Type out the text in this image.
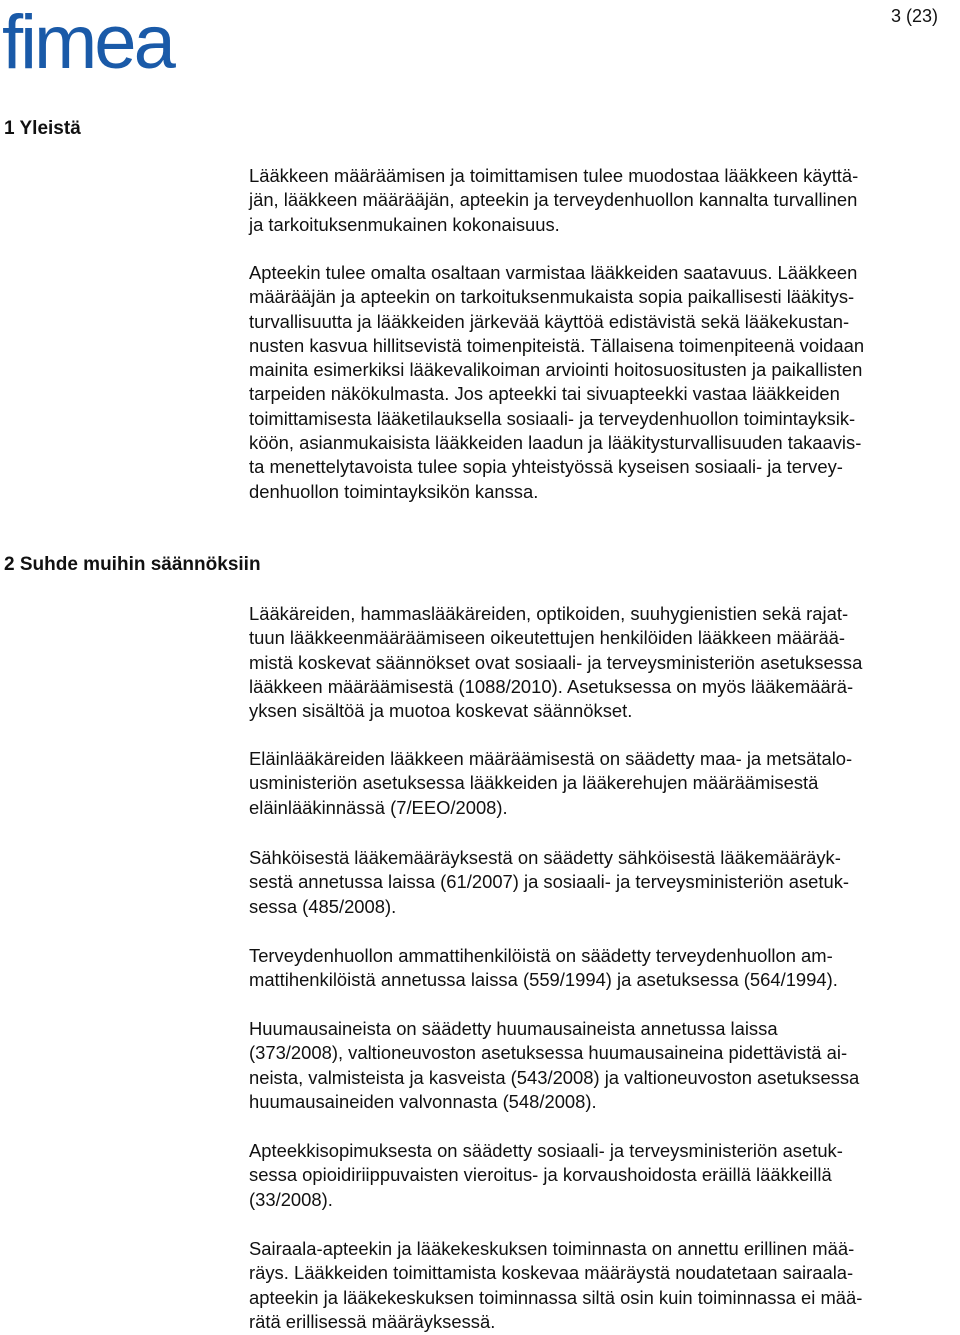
fimea	3 (23)
1 Yleistä

Lääkkeen määräämisen ja toimittamisen tulee muodostaa lääkkeen käyttä-
jän, lääkkeen määrääjän, apteekin ja terveydenhuollon kannalta turvallinen
ja tarkoituksenmukainen kokonaisuus.

Apteekin tulee omalta osaltaan varmistaa lääkkeiden saatavuus. Lääkkeen
määrääjän ja apteekin on tarkoituksenmukaista sopia paikallisesti lääkitys-
turvallisuutta ja lääkkeiden järkevää käyttöä edistävistä sekä lääkekustan-
nusten kasvua hillitsevistä toimenpiteistä. Tällaisena toimenpiteenä voidaan
mainita esimerkiksi lääkevalikoiman arviointi hoitosuositusten ja paikallisten
tarpeiden näkökulmasta. Jos apteekki tai sivuapteekki vastaa lääkkeiden
toimittamisesta lääketilauksella sosiaali- ja terveydenhuollon toimintayksik-
köön, asianmukaisista lääkkeiden laadun ja lääkitysturvallisuuden takaavis-
ta menettelytavoista tulee sopia yhteistyössä kyseisen sosiaali- ja tervey-
denhuollon toimintayksikön kanssa.

2 Suhde muihin säännöksiin

Lääkäreiden, hammaslääkäreiden, optikoiden, suuhygienistien sekä rajat-
tuun lääkkeenmääräämiseen oikeutettujen henkilöiden lääkkeen määrää-
mistä koskevat säännökset ovat sosiaali- ja terveysministeriön asetuksessa
lääkkeen määräämisestä (1088/2010). Asetuksessa on myös lääkemäärä-
yksen sisältöä ja muotoa koskevat säännökset.

Eläinlääkäreiden lääkkeen määräämisestä on säädetty maa- ja metsätalo-
usministeriön asetuksessa lääkkeiden ja lääkerehujen määräämisestä
eläinlääkinnässä (7/EEO/2008).

Sähköisestä lääkemääräyksestä on säädetty sähköisestä lääkemääräyk-
sestä annetussa laissa (61/2007) ja sosiaali- ja terveysministeriön asetuk-
sessa (485/2008).

Terveydenhuollon ammattihenkilöistä on säädetty terveydenhuollon am-
mattihenkilöistä annetussa laissa (559/1994) ja asetuksessa (564/1994).

Huumausaineista on säädetty huumausaineista annetussa laissa
(373/2008), valtioneuvoston asetuksessa huumausaineina pidettävistä ai-
neista, valmisteista ja kasveista (543/2008) ja valtioneuvoston asetuksessa
huumausaineiden valvonnasta (548/2008).

Apteekkisopimuksesta on säädetty sosiaali- ja terveysministeriön asetuk-
sessa opioidiriippuvaisten vieroitus- ja korvaushoidosta eräillä lääkkeillä
(33/2008).

Sairaala-apteekin ja lääkekeskuksen toiminnasta on annettu erillinen mää-
räys. Lääkkeiden toimittamista koskevaa määräystä noudatetaan sairaala-
apteekin ja lääkekeskuksen toiminnassa siltä osin kuin toiminnassa ei mää-
rätä erillisessä määräyksessä.
